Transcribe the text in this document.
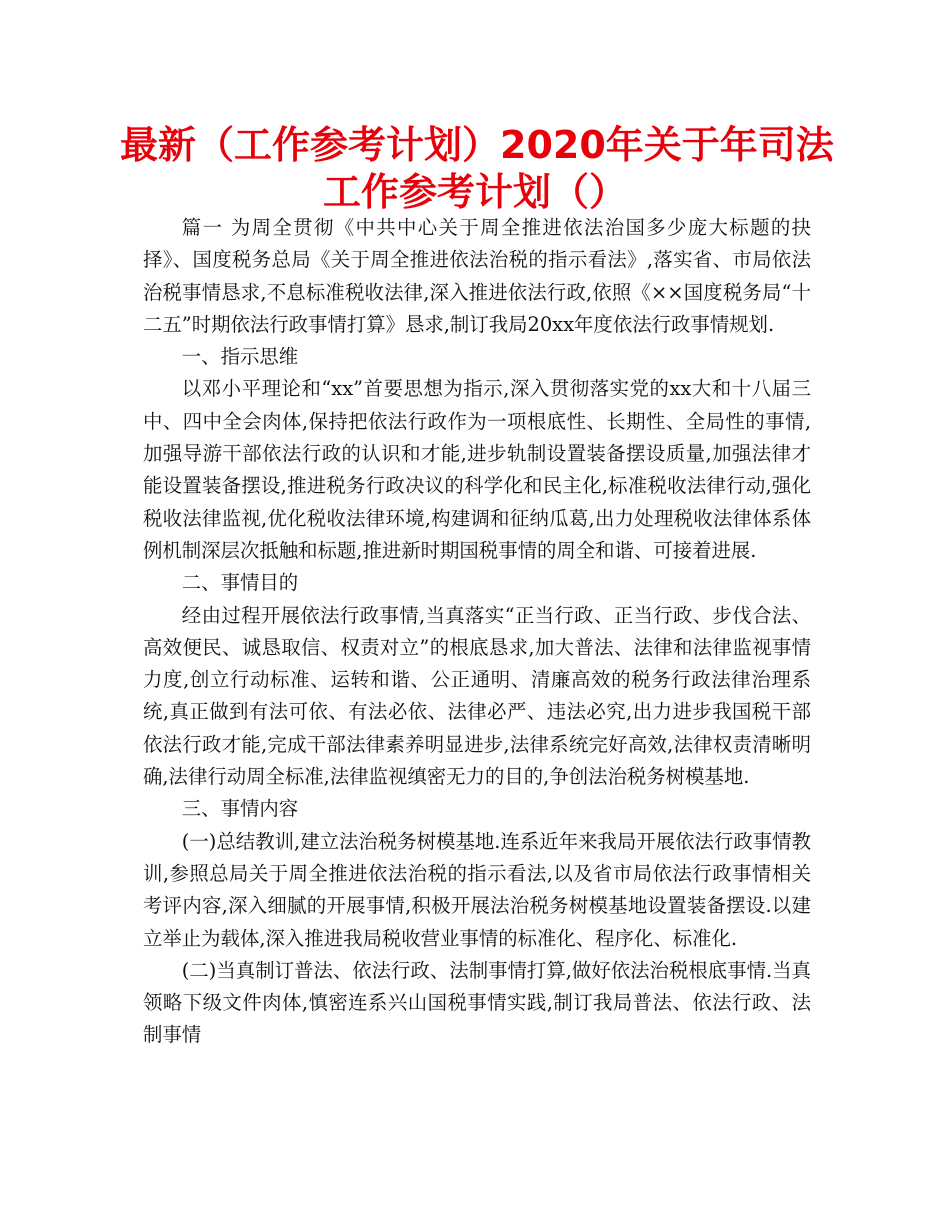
最新（工作参考计划）2020年关于年司法
工作参考计划（）

篇一 为周全贯彻《中共中心关于周全推进依法治国多少庞大标题的抉择》、国度税务总局《关于周全推进依法治税的指示看法》,落实省、市局依法治税事情恳求,不息标准税收法律,深入推进依法行政,依照《××国度税务局“十二五”时期依法行政事情打算》恳求,制订我局20xx年度依法行政事情规划.

一、指示思维

以邓小平理论和“xx”首要思想为指示,深入贯彻落实党的xx大和十八届三中、四中全会肉体,保持把依法行政作为一项根底性、长期性、全局性的事情,加强导游干部依法行政的认识和才能,进步轨制设置装备摆设质量,加强法律才能设置装备摆设,推进税务行政决议的科学化和民主化,标准税收法律行动,强化税收法律监视,优化税收法律环境,构建调和征纳瓜葛,出力处理税收法律体系体例机制深层次抵触和标题,推进新时期国税事情的周全和谐、可接着进展.

二、事情目的

经由过程开展依法行政事情,当真落实“正当行政、正当行政、步伐合法、高效便民、诚恳取信、权责对立”的根底恳求,加大普法、法律和法律监视事情力度,创立行动标准、运转和谐、公正通明、清廉高效的税务行政法律治理系统,真正做到有法可依、有法必依、法律必严、违法必究,出力进步我国税干部依法行政才能,完成干部法律素养明显进步,法律系统完好高效,法律权责清晰明确,法律行动周全标准,法律监视缜密无力的目的,争创法治税务树模基地.

三、事情内容

(一)总结教训,建立法治税务树模基地.连系近年来我局开展依法行政事情教训,参照总局关于周全推进依法治税的指示看法,以及省市局依法行政事情相关考评内容,深入细腻的开展事情,积极开展法治税务树模基地设置装备摆设.以建立举止为载体,深入推进我局税收营业事情的标准化、程序化、标准化.

(二)当真制订普法、依法行政、法制事情打算,做好依法治税根底事情.当真领略下级文件肉体,慎密连系兴山国税事情实践,制订我局普法、依法行政、法制事情
